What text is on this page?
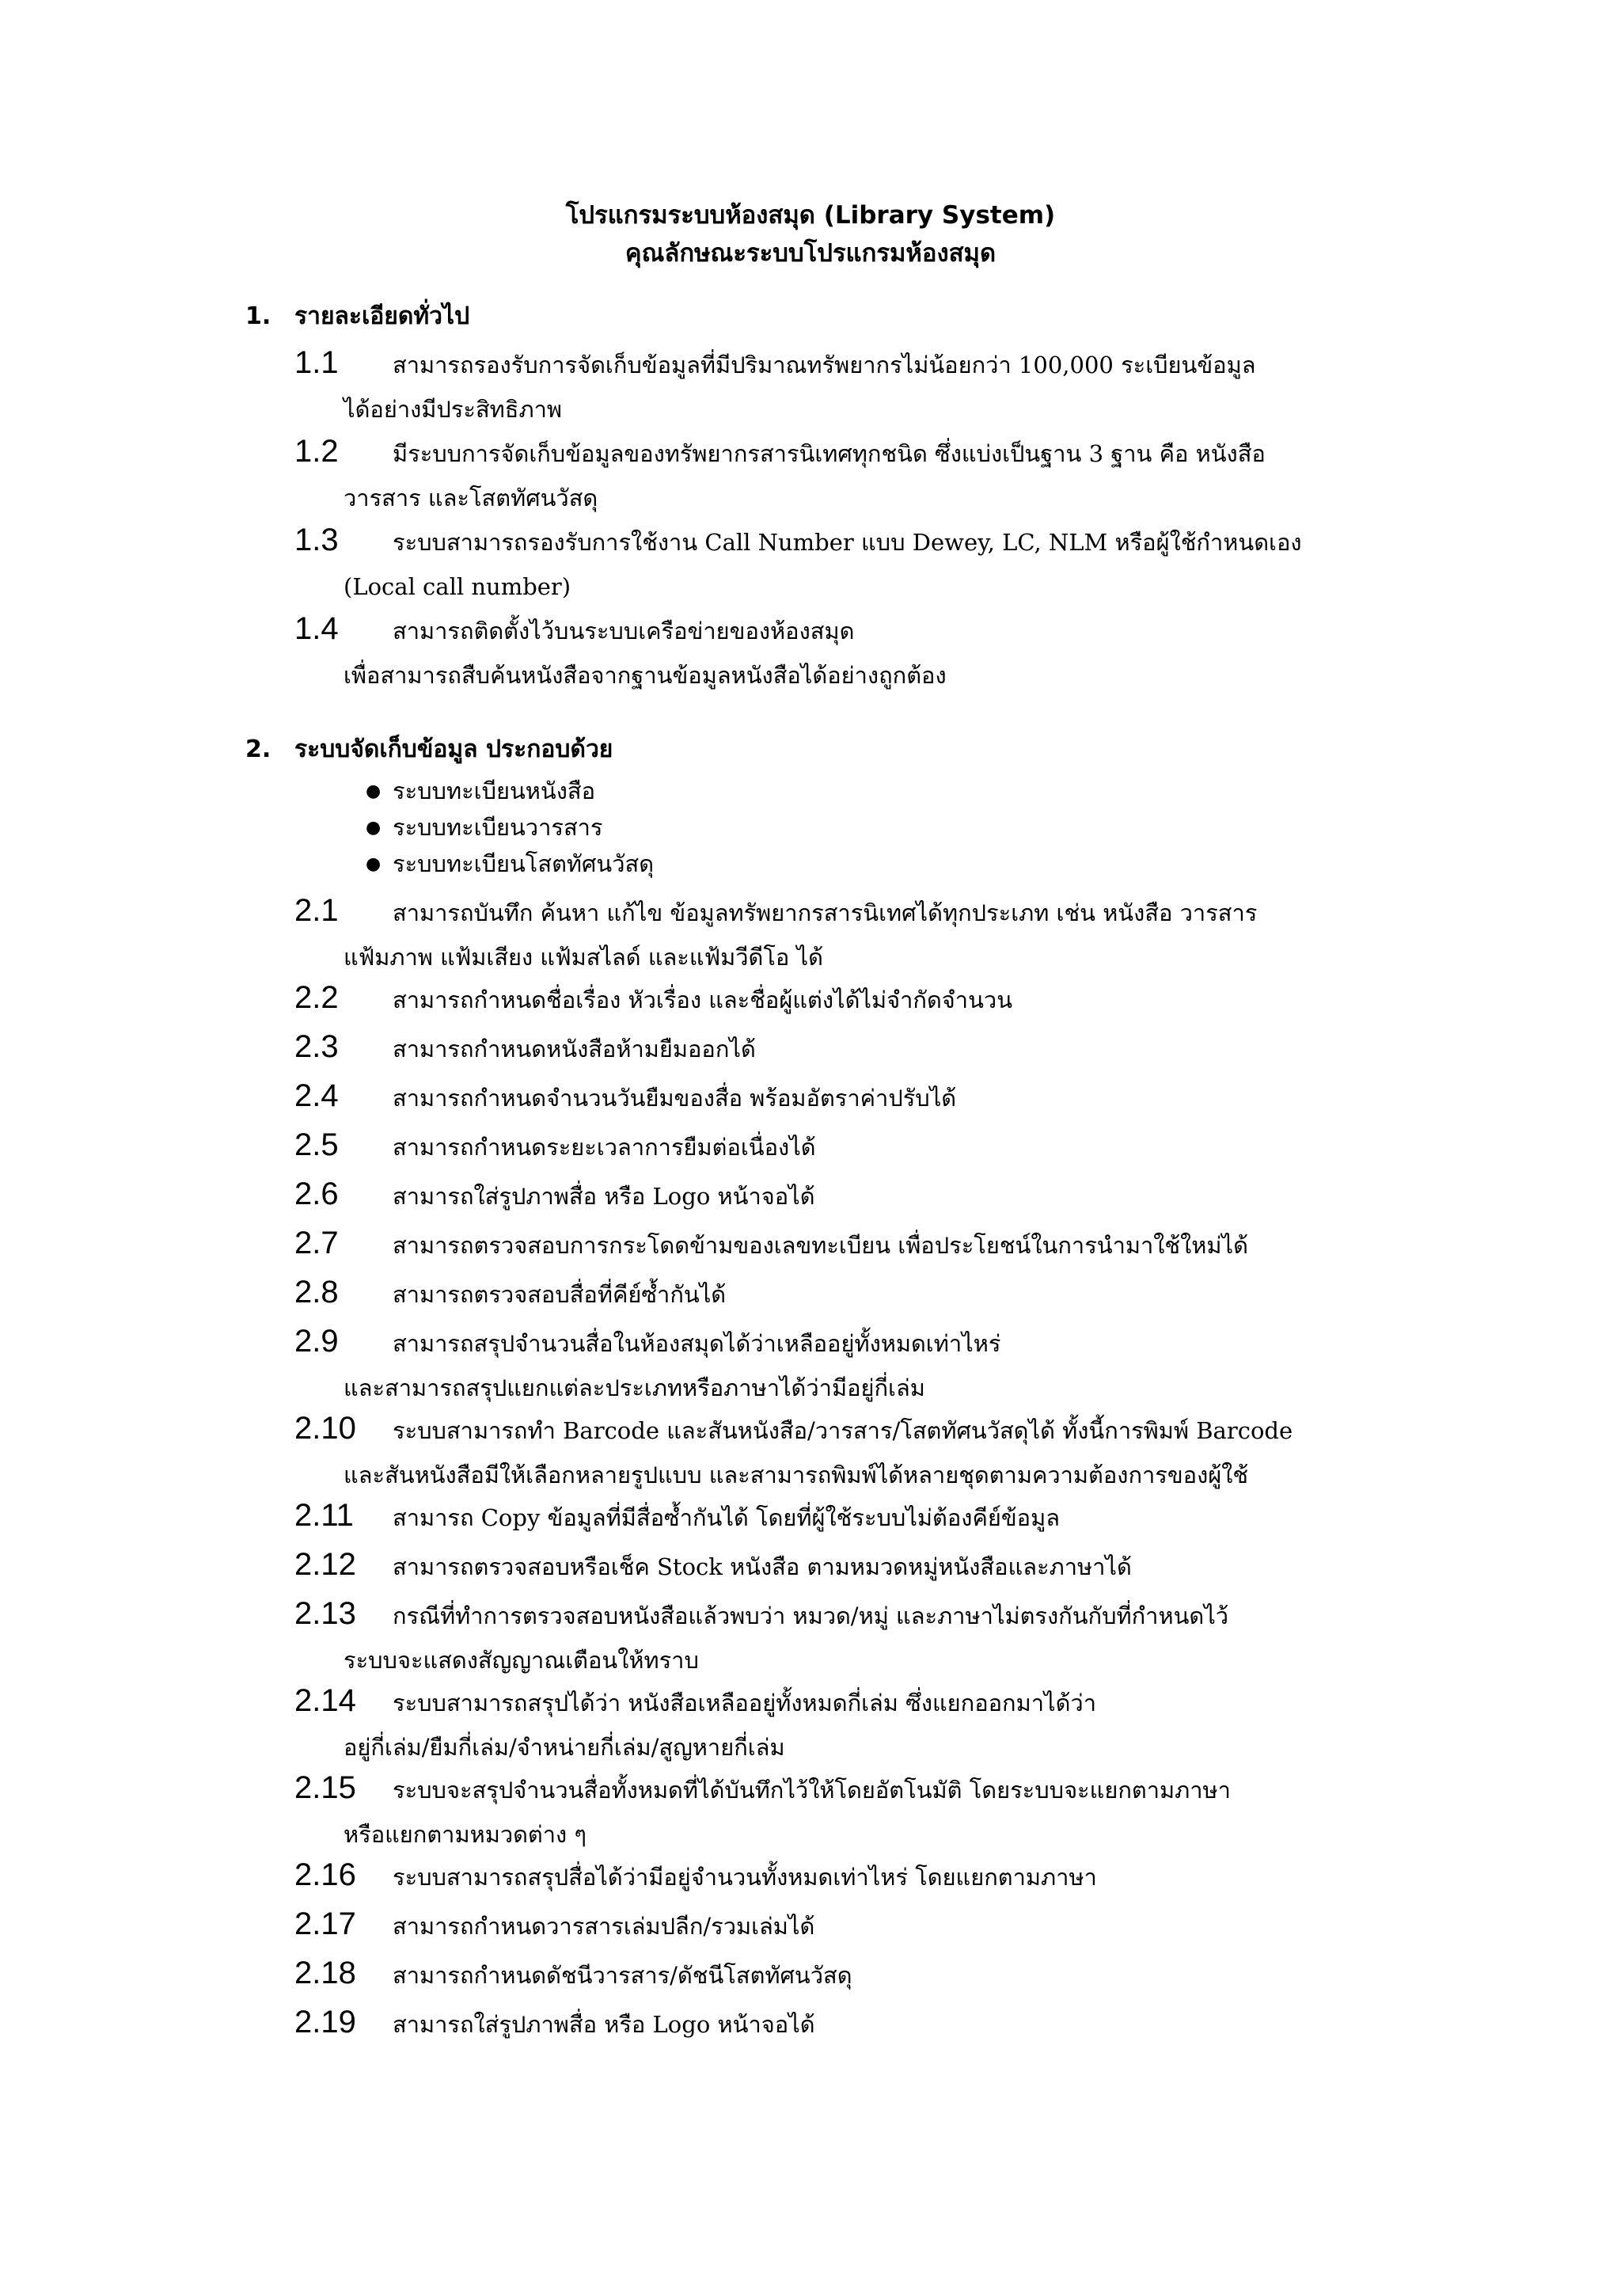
โปรแกรมระบบห้องสมุด (Library System)
คุณลักษณะระบบโปรแกรมห้องสมุด
1. รายละเอียดทั่วไป
1.1 สามารถรองรับการจัดเก็บข้อมูลที่มีปริมาณทรัพยากรไม่น้อยกว่า 100,000 ระเบียนข้อมูล
ได้อย่างมีประสิทธิภาพ
1.2 มีระบบการจัดเก็บข้อมูลของทรัพยากรสารนิเทศทุกชนิด ซึ่งแบ่งเป็นฐาน 3 ฐาน คือ หนังสือ
วารสาร และโสตทัศนวัสดุ
1.3 ระบบสามารถรองรับการใช้งาน Call Number แบบ Dewey, LC, NLM หรือผู้ใช้กำหนดเอง
(Local call number)
1.4 สามารถติดตั้งไว้บนระบบเครือข่ายของห้องสมุด
เพื่อสามารถสืบค้นหนังสือจากฐานข้อมูลหนังสือได้อย่างถูกต้อง
2. ระบบจัดเก็บข้อมูล ประกอบด้วย
● ระบบทะเบียนหนังสือ
● ระบบทะเบียนวารสาร
● ระบบทะเบียนโสตทัศนวัสดุ
2.1 สามารถบันทึก ค้นหา แก้ไข ข้อมูลทรัพยากรสารนิเทศได้ทุกประเภท เช่น หนังสือ วารสาร
แฟ้มภาพ แฟ้มเสียง แฟ้มสไลด์ และแฟ้มวีดีโอ ได้
2.2 สามารถกำหนดชื่อเรื่อง หัวเรื่อง และชื่อผู้แต่งได้ไม่จำกัดจำนวน
2.3 สามารถกำหนดหนังสือห้ามยืมออกได้
2.4 สามารถกำหนดจำนวนวันยืมของสื่อ พร้อมอัตราค่าปรับได้
2.5 สามารถกำหนดระยะเวลาการยืมต่อเนื่องได้
2.6 สามารถใส่รูปภาพสื่อ หรือ Logo หน้าจอได้
2.7 สามารถตรวจสอบการกระโดดข้ามของเลขทะเบียน เพื่อประโยชน์ในการนำมาใช้ใหม่ได้
2.8 สามารถตรวจสอบสื่อที่คีย์ซ้ำกันได้
2.9 สามารถสรุปจำนวนสื่อในห้องสมุดได้ว่าเหลืออยู่ทั้งหมดเท่าไหร่
และสามารถสรุปแยกแต่ละประเภทหรือภาษาได้ว่ามีอยู่กี่เล่ม
2.10 ระบบสามารถทำ Barcode และสันหนังสือ/วารสาร/โสตทัศนวัสดุได้ ทั้งนี้การพิมพ์ Barcode
และสันหนังสือมีให้เลือกหลายรูปแบบ และสามารถพิมพ์ได้หลายชุดตามความต้องการของผู้ใช้
2.11 สามารถ Copy ข้อมูลที่มีสื่อซ้ำกันได้ โดยที่ผู้ใช้ระบบไม่ต้องคีย์ข้อมูล
2.12 สามารถตรวจสอบหรือเช็ค Stock หนังสือ ตามหมวดหมู่หนังสือและภาษาได้
2.13 กรณีที่ทำการตรวจสอบหนังสือแล้วพบว่า หมวด/หมู่ และภาษาไม่ตรงกันกับที่กำหนดไว้
ระบบจะแสดงสัญญาณเตือนให้ทราบ
2.14 ระบบสามารถสรุปได้ว่า หนังสือเหลืออยู่ทั้งหมดกี่เล่ม ซึ่งแยกออกมาได้ว่า
อยู่กี่เล่ม/ยืมกี่เล่ม/จำหน่ายกี่เล่ม/สูญหายกี่เล่ม
2.15 ระบบจะสรุปจำนวนสื่อทั้งหมดที่ได้บันทึกไว้ให้โดยอัตโนมัติ โดยระบบจะแยกตามภาษา
หรือแยกตามหมวดต่าง ๆ
2.16 ระบบสามารถสรุปสื่อได้ว่ามีอยู่จำนวนทั้งหมดเท่าไหร่ โดยแยกตามภาษา
2.17 สามารถกำหนดวารสารเล่มปลีก/รวมเล่มได้
2.18 สามารถกำหนดดัชนีวารสาร/ดัชนีโสตทัศนวัสดุ
2.19 สามารถใส่รูปภาพสื่อ หรือ Logo หน้าจอได้
